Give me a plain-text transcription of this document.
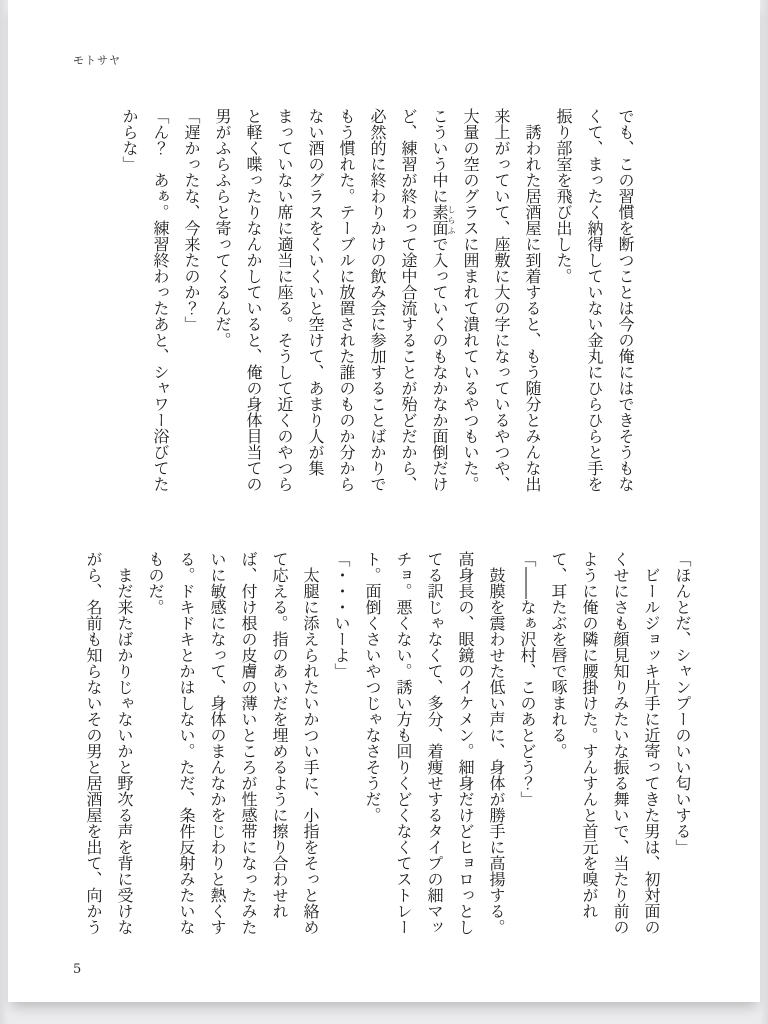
モトサヤ

でも、この習慣を断つことは今の俺にはできそうもなくて、まったく納得していない金丸にひらひらと手を振り部室を飛び出した。

誘われた居酒屋に到着すると、もう随分とみんな出来上がっていて、座敷に大の字になっているやつや、大量の空のグラスに囲まれて潰れているやつもいた。こういう中に素面しらふで入っていくのもなかなか面倒だけど、練習が終わって途中合流することが殆どだから、必然的に終わりかけの飲み会に参加することばかりでもう慣れた。テーブルに放置された誰のものか分からない酒のグラスをくいくいと空けて、あまり人が集まっていない席に適当に座る。そうして近くのやつらと軽く喋ったりなんかしていると、俺の身体目当ての男がふらふらと寄ってくるんだ。

「遅かったな、今来たのか？」

「ん？　あぁ。練習終わったあと、シャワー浴びてたからな」

「ほんとだ、シャンプーのいい匂いする」

ビールジョッキ片手に近寄ってきた男は、初対面のくせにさも顔見知りみたいな振る舞いで、当たり前のように俺の隣に腰掛けた。すんすんと首元を嗅がれて、耳たぶを唇で啄まれる。

「――なぁ沢村、このあとどう？」

鼓膜を震わせた低い声に、身体が勝手に高揚する。高身長の、眼鏡のイケメン。細身だけどヒョロっとしてる訳じゃなくて、多分、着痩せするタイプの細マッチョ。悪くない。誘い方も回りくどくなくてストレート。面倒くさいやつじゃなさそうだ。

「・・・いーよ」

太腿に添えられたいかつい手に、小指をそっと絡めて応える。指のあいだを埋めるように擦り合わせれば、付け根の皮膚の薄いところが性感帯になったみたいに敏感になって、身体のまんなかをじわりと熱くする。ドキドキとかはしない。ただ、条件反射みたいなものだ。

まだ来たばかりじゃないかと野次る声を背に受けながら、名前も知らないその男と居酒屋を出て、向かう

5
